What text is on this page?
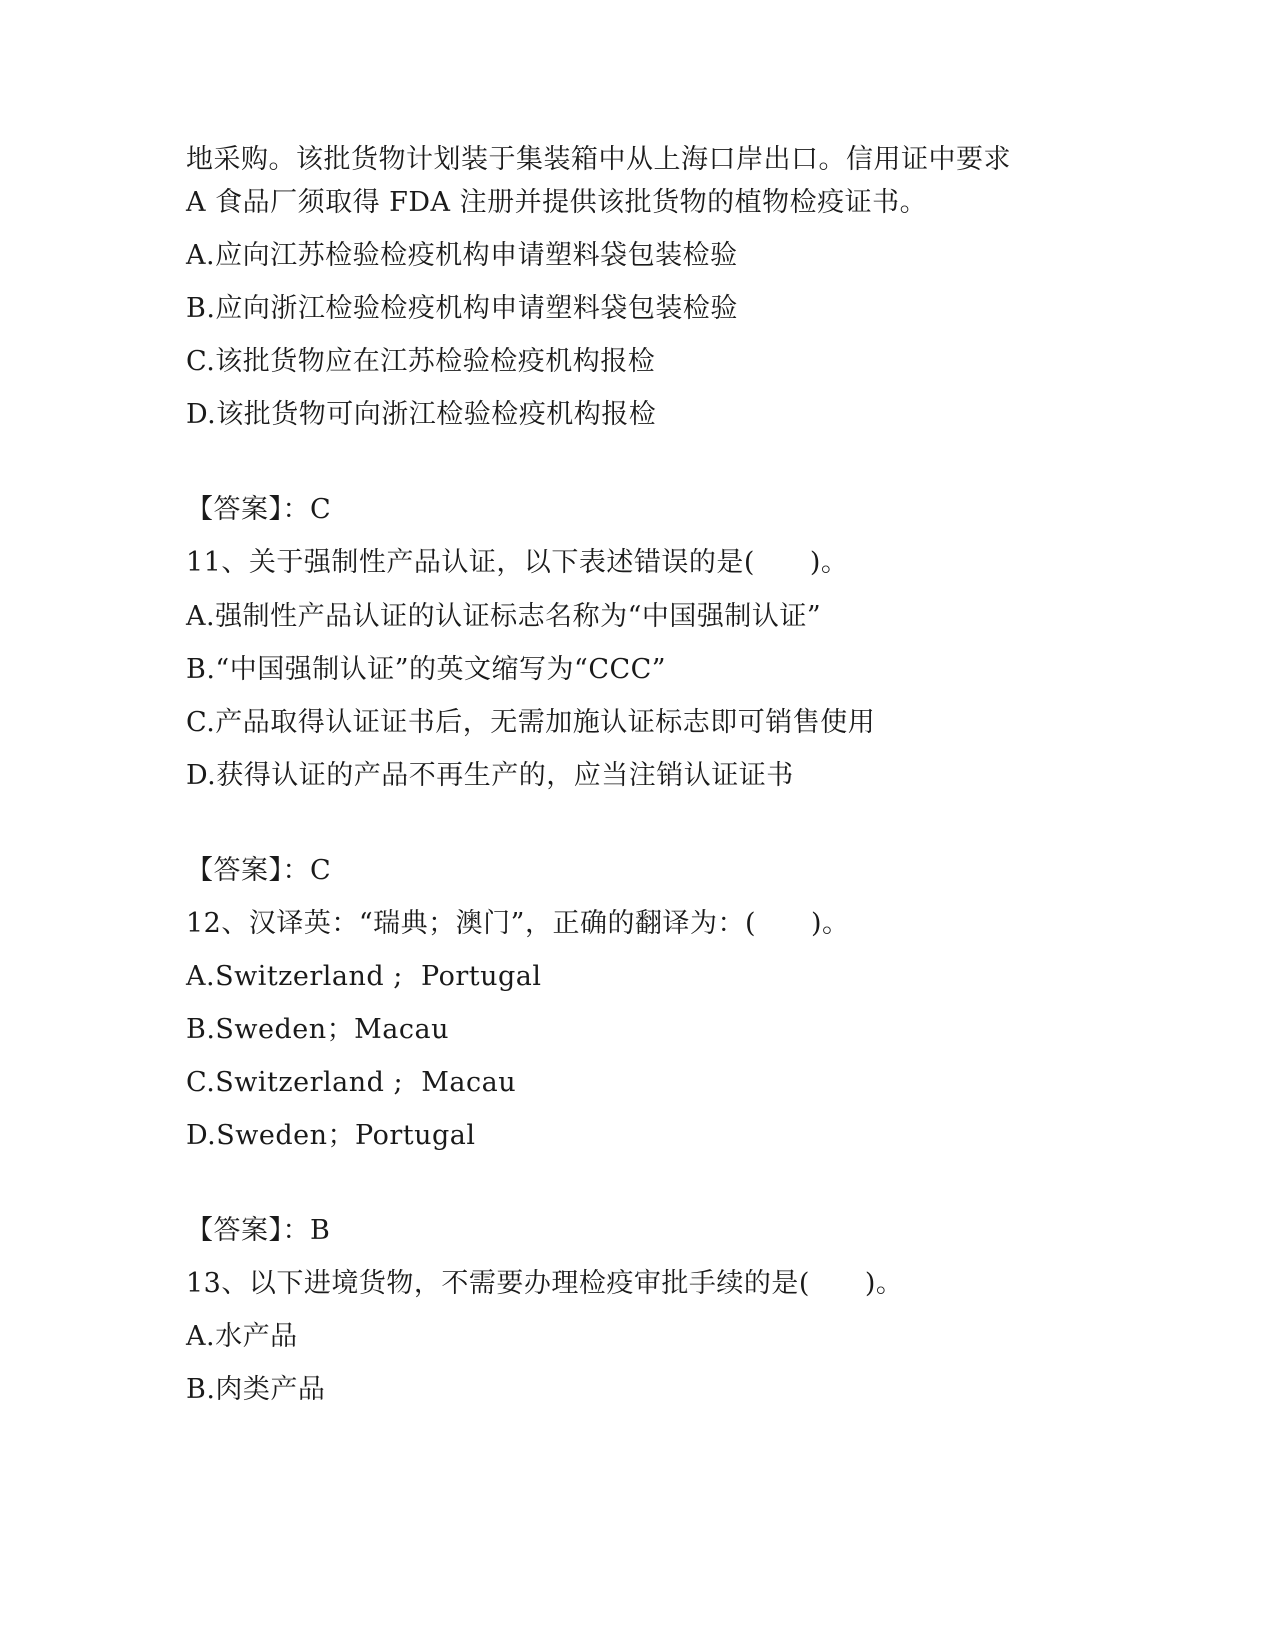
地采购。该批货物计划装于集装箱中从上海口岸出口。信用证中要求

A 食品厂须取得 FDA 注册并提供该批货物的植物检疫证书。

A.应向江苏检验检疫机构申请塑料袋包装检验

B.应向浙江检验检疫机构申请塑料袋包装检验

C.该批货物应在江苏检验检疫机构报检

D.该批货物可向浙江检验检疫机构报检

【答案】：C

11、关于强制性产品认证，以下表述错误的是(　　)。

A.强制性产品认证的认证标志名称为“中国强制认证”

B.“中国强制认证”的英文缩写为“CCC”

C.产品取得认证证书后，无需加施认证标志即可销售使用

D.获得认证的产品不再生产的，应当注销认证证书

【答案】：C

12、汉译英：“瑞典；澳门”，正确的翻译为：(　　)。

A.Switzerland ;  Portugal

B.Sweden；Macau

C.Switzerland ;  Macau

D.Sweden；Portugal

【答案】：B

13、以下进境货物，不需要办理检疫审批手续的是(　　)。

A.水产品

B.肉类产品
